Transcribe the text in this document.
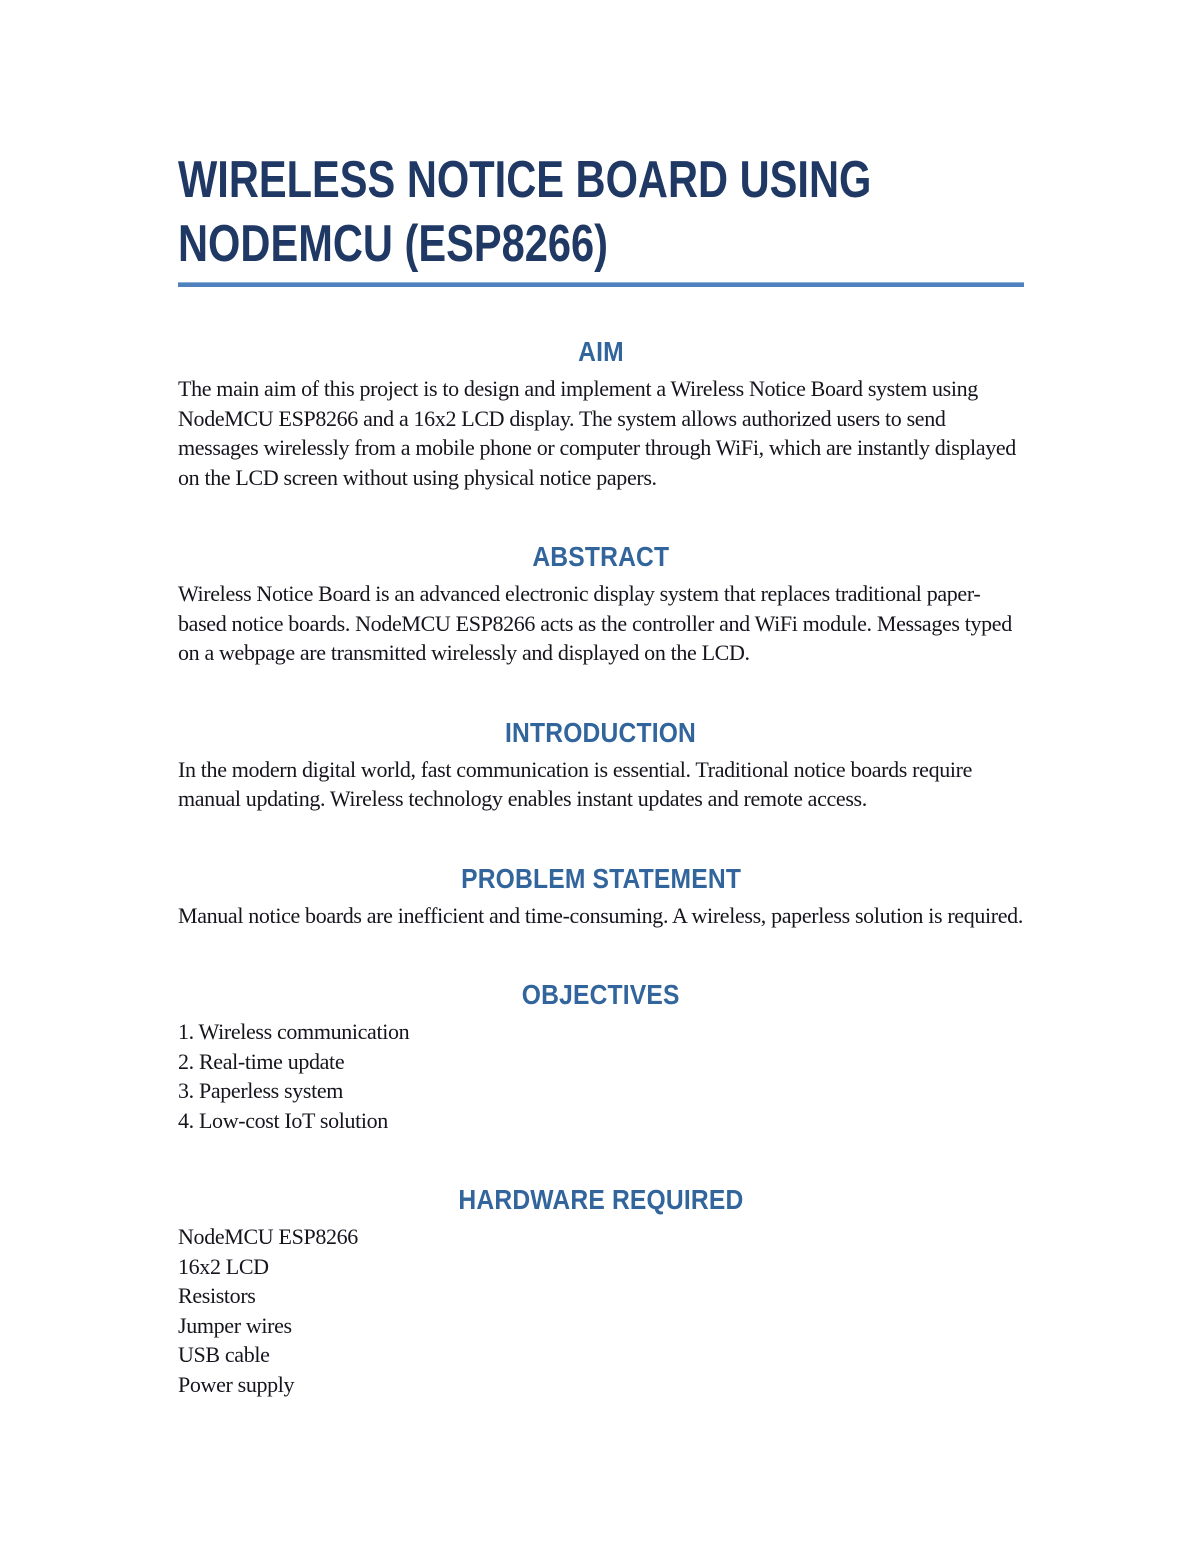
WIRELESS NOTICE BOARD USING
NODEMCU (ESP8266)
AIM

The main aim of this project is to design and implement a Wireless Notice Board system using NodeMCU ESP8266 and a 16x2 LCD display. The system allows authorized users to send messages wirelessly from a mobile phone or computer through WiFi, which are instantly displayed on the LCD screen without using physical notice papers.

ABSTRACT

Wireless Notice Board is an advanced electronic display system that replaces traditional paper-based notice boards. NodeMCU ESP8266 acts as the controller and WiFi module. Messages typed on a webpage are transmitted wirelessly and displayed on the LCD.

INTRODUCTION

In the modern digital world, fast communication is essential. Traditional notice boards require manual updating. Wireless technology enables instant updates and remote access.

PROBLEM STATEMENT

Manual notice boards are inefficient and time-consuming. A wireless, paperless solution is required.

OBJECTIVES
1. Wireless communication
2. Real-time update
3. Paperless system
4. Low-cost IoT solution
HARDWARE REQUIRED
NodeMCU ESP8266
16x2 LCD
Resistors
Jumper wires
USB cable
Power supply
